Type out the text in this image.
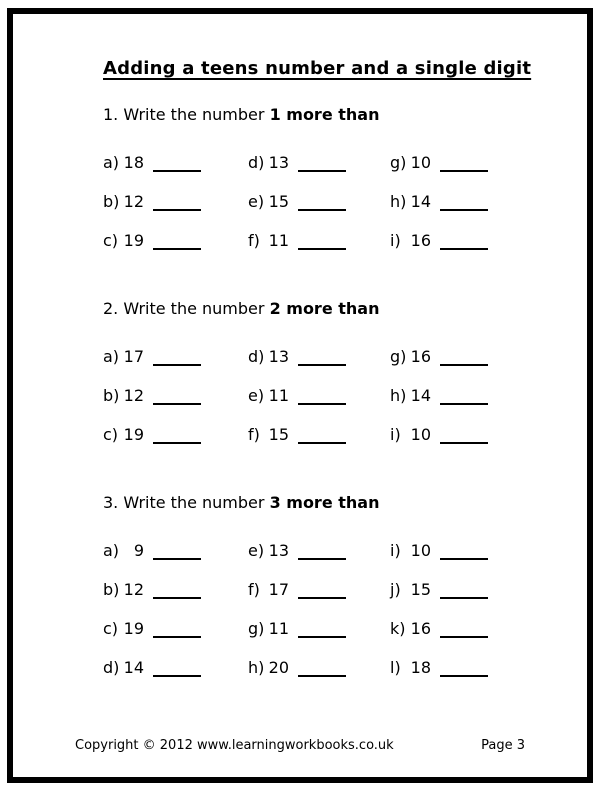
Adding a teens number and a single digit
1. Write the number 1 more than
a) 18
b) 12
c) 19
d) 13
e) 15
f) 11
g) 10
h) 14
i) 16
2. Write the number 2 more than
a) 17
b) 12
c) 19
d) 13
e) 11
f) 15
g) 16
h) 14
i) 10
3. Write the number 3 more than
a) 9
b) 12
c) 19
d) 14
e) 13
f) 17
g) 11
h) 20
i) 10
j) 15
k) 16
l) 18
Copyright © 2012 www.learningworkbooks.co.uk	Page 3
